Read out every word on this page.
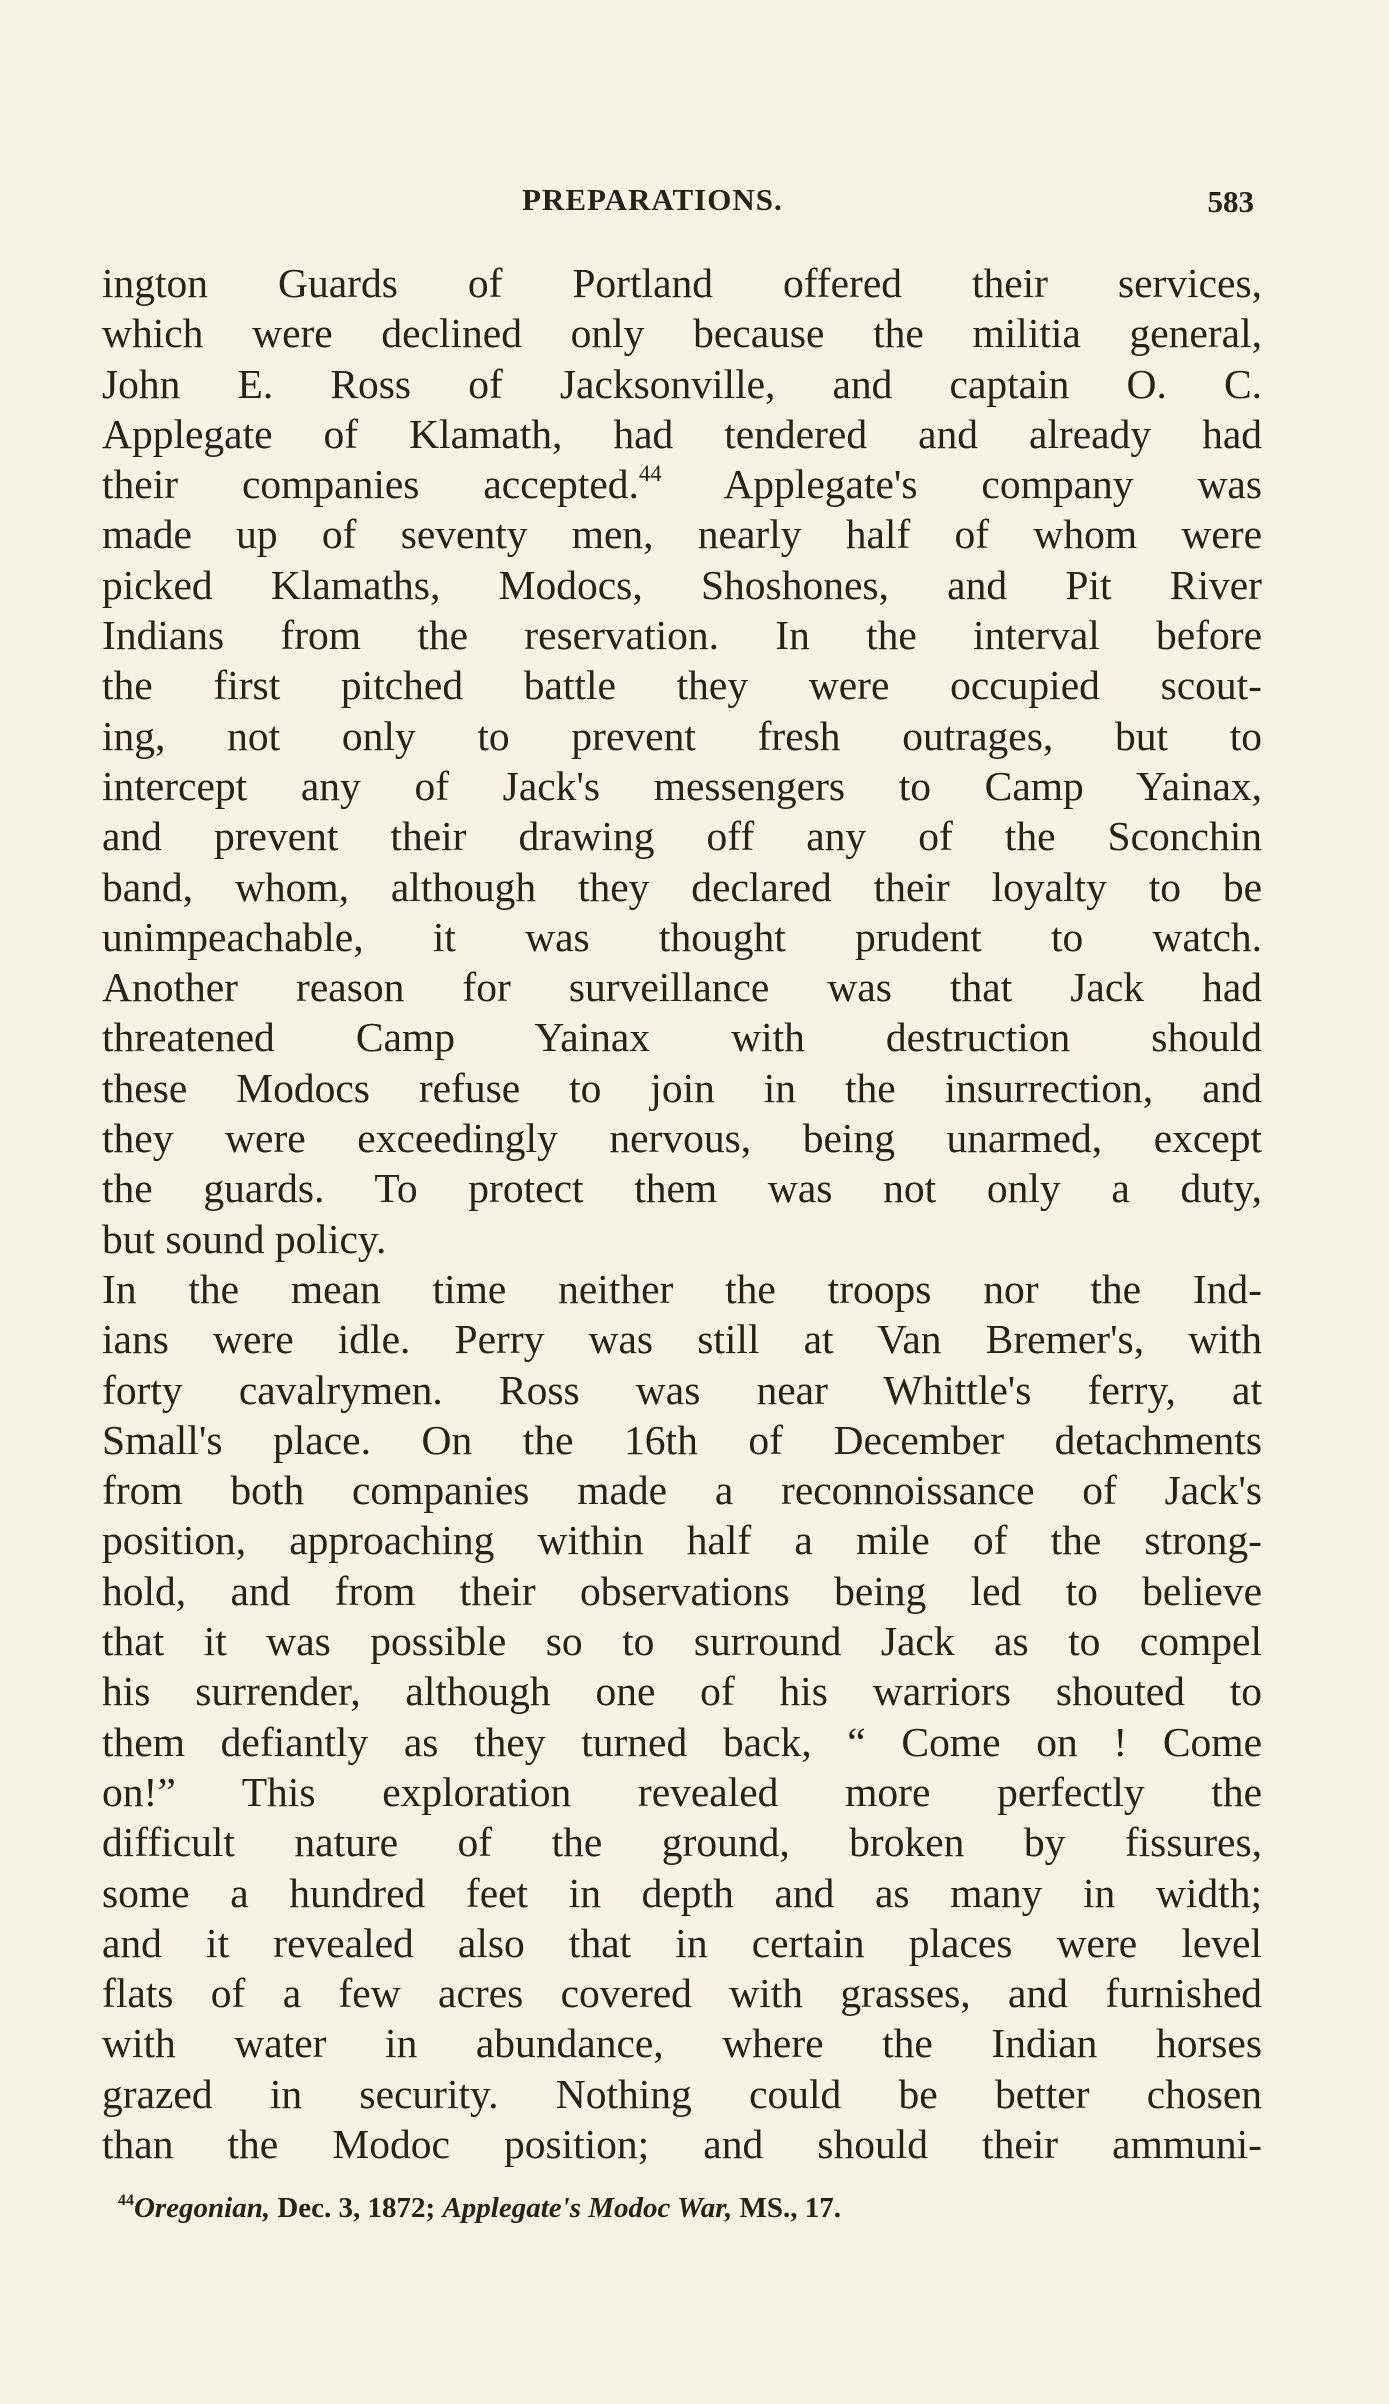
PREPARATIONS.	583
ington Guards of Portland offered their services,
which were declined only because the militia general,
John E. Ross of Jacksonville, and captain O. C.
Applegate of Klamath, had tendered and already had
their companies accepted.$^{44}$ Applegate's company was
made up of seventy men, nearly half of whom were
picked Klamaths, Modocs, Shoshones, and Pit River
Indians from the reservation. In the interval before
the first pitched battle they were occupied scout-
ing, not only to prevent fresh outrages, but to
intercept any of Jack's messengers to Camp Yainax,
and prevent their drawing off any of the Sconchin
band, whom, although they declared their loyalty to be
unimpeachable, it was thought prudent to watch.
Another reason for surveillance was that Jack had
threatened Camp Yainax with destruction should
these Modocs refuse to join in the insurrection, and
they were exceedingly nervous, being unarmed, except
the guards. To protect them was not only a duty,
but sound policy.
In the mean time neither the troops nor the Ind-
ians were idle. Perry was still at Van Bremer's, with
forty cavalrymen. Ross was near Whittle's ferry, at
Small's place. On the 16th of December detachments
from both companies made a reconnoissance of Jack's
position, approaching within half a mile of the strong-
hold, and from their observations being led to believe
that it was possible so to surround Jack as to compel
his surrender, although one of his warriors shouted to
them defiantly as they turned back, “ Come on ! Come
on!” This exploration revealed more perfectly the
difficult nature of the ground, broken by fissures,
some a hundred feet in depth and as many in width;
and it revealed also that in certain places were level
flats of a few acres covered with grasses, and furnished
with water in abundance, where the Indian horses
grazed in security. Nothing could be better chosen
than the Modoc position; and should their ammuni-
$^{44}$Oregonian, Dec. 3, 1872; Applegate's Modoc War, MS., 17.
